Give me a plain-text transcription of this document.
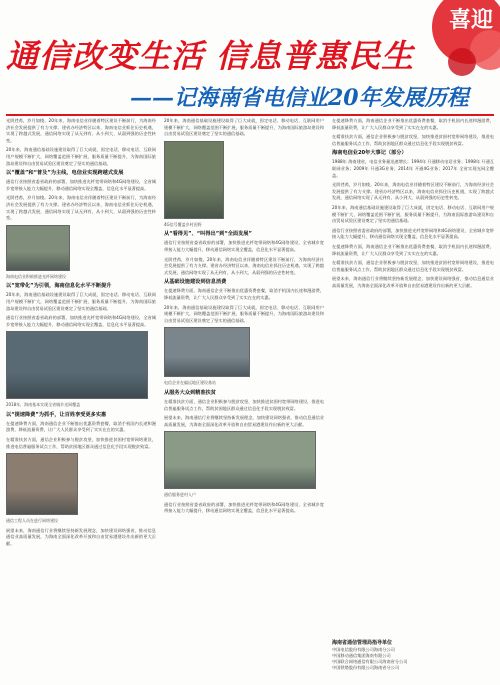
喜迎
通信改变生活 信息普惠民生
——记海南省电信业20年发展历程

光阴荏苒，岁月如梭。20年来，海南电信业伴随着特区建设不断前行，为海南经济社会发展提供了有力支撑。建省办经济特区以来，海南电信业抓住历史机遇，实现了跨越式发展，通信网络实现了从无到有、从小到大、从弱到强的历史性转变。

20年来，海南通信基础设施建设取得了巨大成就，固定电话、移动电话、互联网用户规模不断扩大，网络覆盖范围不断扩展，服务质量不断提升，为海南国际旅游岛建设和自由贸易试验区建设奠定了坚实的通信基础。

以“覆盖”和“普及”为主线，电信业实现跨越式发展

通信行业按照省委省政府的部署，加快推进光纤宽带网络和4G网络建设，全省城乡宽带接入能力大幅提升，移动通信网络实现全覆盖，信息化水平显著提高。

光阴荏苒，岁月如梭。20年来，海南电信业伴随着特区建设不断前行，为海南经济社会发展提供了有力支撑。建省办经济特区以来，海南电信业抓住历史机遇，实现了跨越式发展，通信网络实现了从无到有、从小到大、从弱到强的历史性转变。

海南电信业积极推进光纤网络建设
以“宽带化”为引领，海南信息化水平不断提升

20年来，海南通信基础设施建设取得了巨大成就，固定电话、移动电话、互联网用户规模不断扩大，网络覆盖范围不断扩展，服务质量不断提升，为海南国际旅游岛建设和自由贸易试验区建设奠定了坚实的通信基础。

通信行业按照省委省政府的部署，加快推进光纤宽带网络和4G网络建设，全省城乡宽带接入能力大幅提升，移动通信网络实现全覆盖，信息化水平显著提高。

2018年，海南基本实现全省城乡光网覆盖
以“提速降费”为抓手，让百姓享受更多实惠

在提速降费方面，海南通信企业不断推出优惠资费套餐，取消手机国内长途和漫游费，降低流量资费，让广大人民群众享受到了实实在在的实惠。

在精准扶贫方面，通信企业积极参与脱贫攻坚，加快推进贫困村宽带网络建设，推进电信普遍服务试点工作，帮助贫困地区群众通过信息化手段实现脱贫致富。

通信工程人员在进行网络建设

展望未来，海南通信行业将继续坚持新发展理念，加快建设网络强省，推动信息通信业高质量发展，为海南全面深化改革开放和自由贸易港建设作出新的更大贡献。

20年来，海南通信基础设施建设取得了巨大成就，固定电话、移动电话、互联网用户规模不断扩大，网络覆盖范围不断扩展，服务质量不断提升，为海南国际旅游岛建设和自由贸易试验区建设奠定了坚实的通信基础。

4G信号覆盖乡村田野
从“看得见”、“叫得出”到“全面发展”

通信行业按照省委省政府的部署，加快推进光纤宽带网络和4G网络建设，全省城乡宽带接入能力大幅提升，移动通信网络实现全覆盖，信息化水平显著提高。

光阴荏苒，岁月如梭。20年来，海南电信业伴随着特区建设不断前行，为海南经济社会发展提供了有力支撑。建省办经济特区以来，海南电信业抓住历史机遇，实现了跨越式发展，通信网络实现了从无到有、从小到大、从弱到强的历史性转变。

从基础设施建设到信息消费

在提速降费方面，海南通信企业不断推出优惠资费套餐，取消手机国内长途和漫游费，降低流量资费，让广大人民群众享受到了实实在在的实惠。

20年来，海南通信基础设施建设取得了巨大成就，固定电话、移动电话、互联网用户规模不断扩大，网络覆盖范围不断扩展，服务质量不断提升，为海南国际旅游岛建设和自由贸易试验区建设奠定了坚实的通信基础。

电信企业在偏远地区建设基站
从服务大众到精准扶贫

在精准扶贫方面，通信企业积极参与脱贫攻坚，加快推进贫困村宽带网络建设，推进电信普遍服务试点工作，帮助贫困地区群众通过信息化手段实现脱贫致富。

展望未来，海南通信行业将继续坚持新发展理念，加快建设网络强省，推动信息通信业高质量发展，为海南全面深化改革开放和自由贸易港建设作出新的更大贡献。

通信服务进村入户

通信行业按照省委省政府的部署，加快推进光纤宽带网络和4G网络建设，全省城乡宽带接入能力大幅提升，移动通信网络实现全覆盖，信息化水平显著提高。

在提速降费方面，海南通信企业不断推出优惠资费套餐，取消手机国内长途和漫游费，降低流量资费，让广大人民群众享受到了实实在在的实惠。

在精准扶贫方面，通信企业积极参与脱贫攻坚，加快推进贫困村宽带网络建设，推进电信普遍服务试点工作，帮助贫困地区群众通过信息化手段实现脱贫致富。

海南电信业20年大事记（部分）

1988年 海南建省，电信业务量迅速增长；1994年 开通移动电话业务；1998年 开通互联网业务；2009年 开通3G业务；2014年 开通4G业务；2017年 全省实现光网全覆盖。

光阴荏苒，岁月如梭。20年来，海南电信业伴随着特区建设不断前行，为海南经济社会发展提供了有力支撑。建省办经济特区以来，海南电信业抓住历史机遇，实现了跨越式发展，通信网络实现了从无到有、从小到大、从弱到强的历史性转变。

20年来，海南通信基础设施建设取得了巨大成就，固定电话、移动电话、互联网用户规模不断扩大，网络覆盖范围不断扩展，服务质量不断提升，为海南国际旅游岛建设和自由贸易试验区建设奠定了坚实的通信基础。

通信行业按照省委省政府的部署，加快推进光纤宽带网络和4G网络建设，全省城乡宽带接入能力大幅提升，移动通信网络实现全覆盖，信息化水平显著提高。

在提速降费方面，海南通信企业不断推出优惠资费套餐，取消手机国内长途和漫游费，降低流量资费，让广大人民群众享受到了实实在在的实惠。

在精准扶贫方面，通信企业积极参与脱贫攻坚，加快推进贫困村宽带网络建设，推进电信普遍服务试点工作，帮助贫困地区群众通过信息化手段实现脱贫致富。

展望未来，海南通信行业将继续坚持新发展理念，加快建设网络强省，推动信息通信业高质量发展，为海南全面深化改革开放和自由贸易港建设作出新的更大贡献。

海南省通信管理局指导单位
中国电信股份有限公司海南分公司
中国移动通信集团海南有限公司
中国联合网络通信有限公司海南省分公司
中国铁塔股份有限公司海南省分公司
